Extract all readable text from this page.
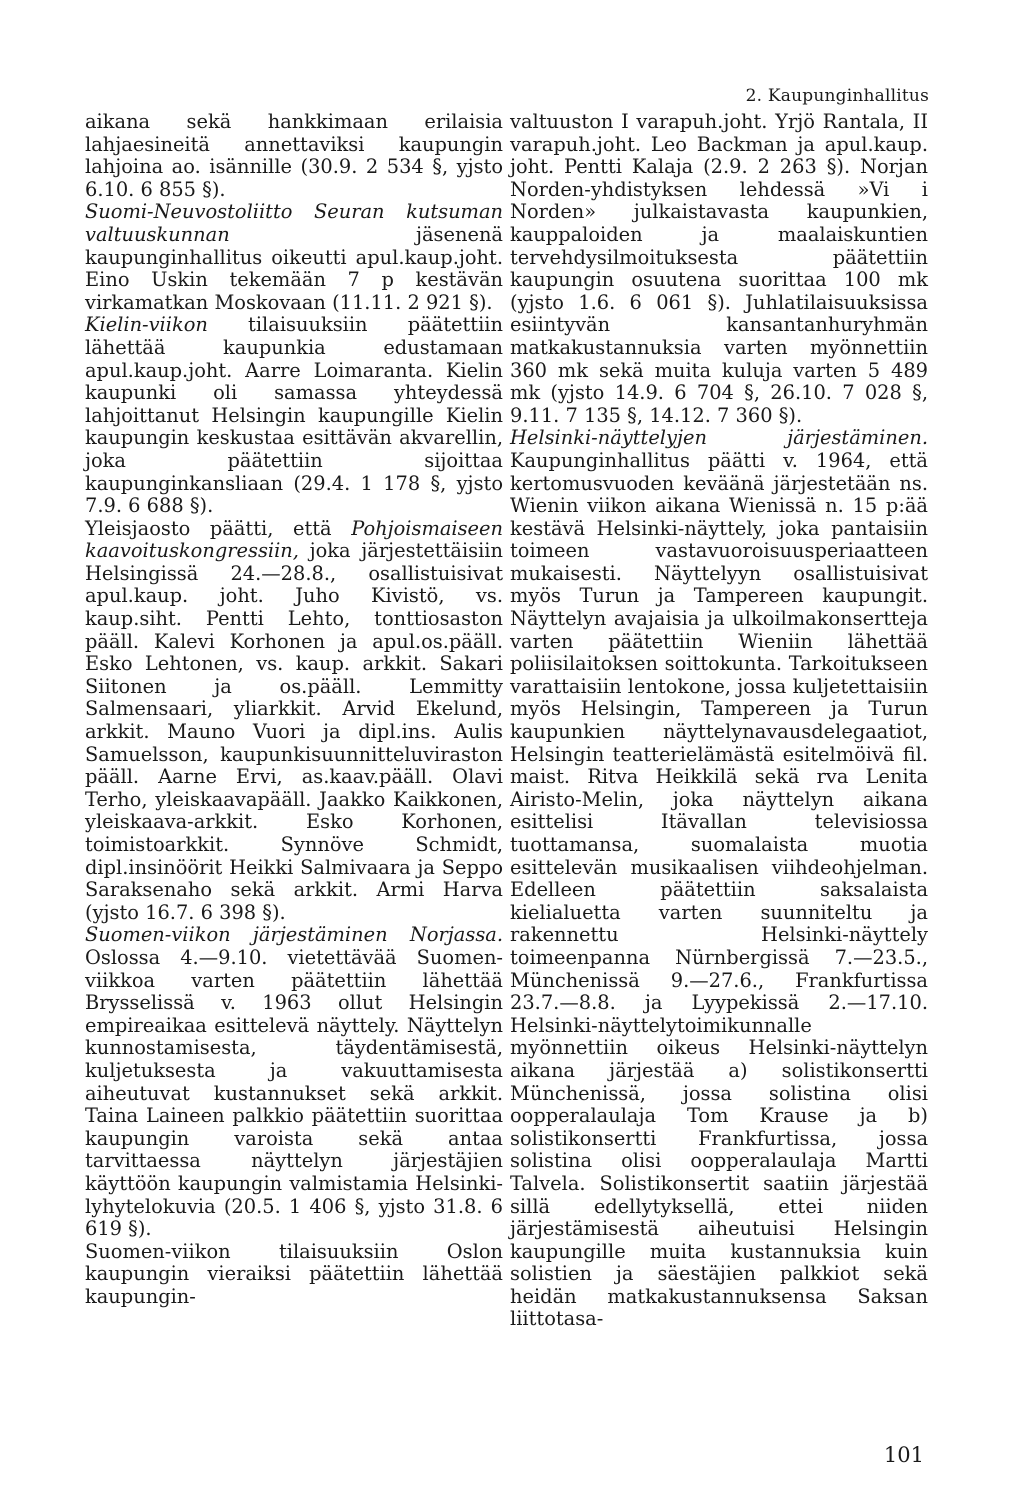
2. Kaupunginhallitus

aikana sekä hankkimaan erilaisia lahjaesineitä annettaviksi kaupungin lahjoina ao. isännille (30.9. 2 534 §, yjsto 6.10. 6 855 §).

Suomi-Neuvostoliitto Seuran kutsuman valtuuskunnan jäsenenä kaupunginhallitus oikeutti apul.kaup.joht. Eino Uskin tekemään 7 p kestävän virkamatkan Moskovaan (11.11. 2 921 §).

Kielin-viikon tilaisuuksiin päätettiin lähettää kaupunkia edustamaan apul.kaup.joht. Aarre Loimaranta. Kielin kaupunki oli samassa yhteydessä lahjoittanut Helsingin kaupungille Kielin kaupungin keskustaa esittävän akvarellin, joka päätettiin sijoittaa kaupunginkansliaan (29.4. 1 178 §, yjsto 7.9. 6 688 §).

Yleisjaosto päätti, että Pohjoismaiseen kaavoituskongressiin, joka järjestettäisiin Helsingissä 24.—28.8., osallistuisivat apul.kaup. joht. Juho Kivistö, vs. kaup.siht. Pentti Lehto, tonttiosaston pääll. Kalevi Korhonen ja apul.os.pääll. Esko Lehtonen, vs. kaup. arkkit. Sakari Siitonen ja os.pääll. Lemmitty Salmensaari, yliarkkit. Arvid Ekelund, arkkit. Mauno Vuori ja dipl.ins. Aulis Samuelsson, kaupunkisuunnitteluviraston pääll. Aarne Ervi, as.kaav.pääll. Olavi Terho, yleiskaavapääll. Jaakko Kaikkonen, yleiskaava-arkkit. Esko Korhonen, toimistoarkkit. Synnöve Schmidt, dipl.insinöörit Heikki Salmivaara ja Seppo Saraksenaho sekä arkkit. Armi Harva (yjsto 16.7. 6 398 §).

Suomen-viikon järjestäminen Norjassa. Oslossa 4.—9.10. vietettävää Suomen-viikkoa varten päätettiin lähettää Brysselissä v. 1963 ollut Helsingin empireaikaa esittelevä näyttely. Näyttelyn kunnostamisesta, täydentämisestä, kuljetuksesta ja vakuuttamisesta aiheutuvat kustannukset sekä arkkit. Taina Laineen palkkio päätettiin suorittaa kaupungin varoista sekä antaa tarvittaessa näyttelyn järjestäjien käyttöön kaupungin valmistamia Helsinki-lyhytelokuvia (20.5. 1 406 §, yjsto 31.8. 6 619 §).

Suomen-viikon tilaisuuksiin Oslon kaupungin vieraiksi päätettiin lähettää kaupungin-

valtuuston I varapuh.joht. Yrjö Rantala, II varapuh.joht. Leo Backman ja apul.kaup. joht. Pentti Kalaja (2.9. 2 263 §). Norjan Norden-yhdistyksen lehdessä »Vi i Norden» julkaistavasta kaupunkien, kauppaloiden ja maalaiskuntien tervehdysilmoituksesta päätettiin kaupungin osuutena suorittaa 100 mk (yjsto 1.6. 6 061 §). Juhlatilaisuuksissa esiintyvän kansantanhuryhmän matkakustannuksia varten myönnettiin 360 mk sekä muita kuluja varten 5 489 mk (yjsto 14.9. 6 704 §, 26.10. 7 028 §, 9.11. 7 135 §, 14.12. 7 360 §).

Helsinki-näyttelyjen järjestäminen. Kaupunginhallitus päätti v. 1964, että kertomusvuoden keväänä järjestetään ns. Wienin viikon aikana Wienissä n. 15 p:ää kestävä Helsinki-näyttely, joka pantaisiin toimeen vastavuoroisuusperiaatteen mukaisesti. Näyttelyyn osallistuisivat myös Turun ja Tampereen kaupungit. Näyttelyn avajaisia ja ulkoilmakonsertteja varten päätettiin Wieniin lähettää poliisilaitoksen soittokunta. Tarkoitukseen varattaisiin lentokone, jossa kuljetettaisiin myös Helsingin, Tampereen ja Turun kaupunkien näyttelynavausdelegaatiot, Helsingin teatterielämästä esitelmöivä fil. maist. Ritva Heikkilä sekä rva Lenita Airisto-Melin, joka näyttelyn aikana esittelisi Itävallan televisiossa tuottamansa, suomalaista muotia esittelevän musikaalisen viihdeohjelman. Edelleen päätettiin saksalaista kielialuetta varten suunniteltu ja rakennettu Helsinki-näyttely toimeenpanna Nürnbergissä 7.—23.5., Münchenissä 9.—27.6., Frankfurtissa 23.7.—8.8. ja Lyypekissä 2.—17.10. Helsinki-näyttelytoimikunnalle myönnettiin oikeus Helsinki-näyttelyn aikana järjestää a) solistikonsertti Münchenissä, jossa solistina olisi oopperalaulaja Tom Krause ja b) solistikonsertti Frankfurtissa, jossa solistina olisi oopperalaulaja Martti Talvela. Solistikonsertit saatiin järjestää sillä edellytyksellä, ettei niiden järjestämisestä aiheutuisi Helsingin kaupungille muita kustannuksia kuin solistien ja säestäjien palkkiot sekä heidän matkakustannuksensa Saksan liittotasa-

101
